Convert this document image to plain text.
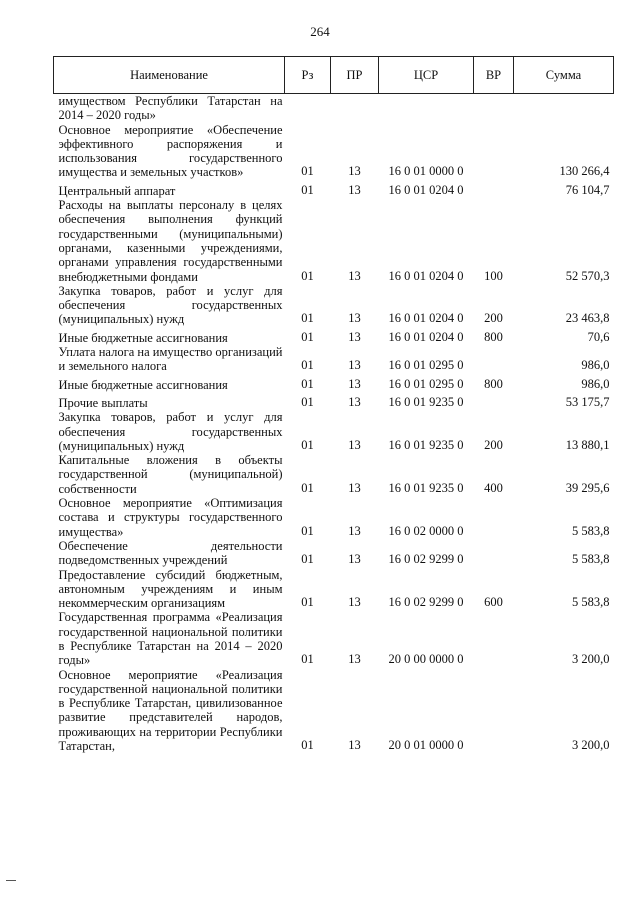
264
Наименование	Рз	ПР	ЦСР	ВР	Сумма
имуществом Республики Татарстан на 2014 – 2020 годы»					
Основное мероприятие «Обеспечение эффективного распоряжения и использования государственного имущества и земельных участков»	01	13	16 0 01 0000 0		130 266,4
Центральный аппарат	01	13	16 0 01 0204 0		76 104,7
Расходы на выплаты персоналу в целях обеспечения выполнения функций государственными (муниципальными) органами, казенными учреждениями, органами управления государственными внебюджетными фондами	01	13	16 0 01 0204 0	100	52 570,3
Закупка товаров, работ и услуг для обеспечения государственных (муниципальных) нужд	01	13	16 0 01 0204 0	200	23 463,8
Иные бюджетные ассигнования	01	13	16 0 01 0204 0	800	70,6
Уплата налога на имущество организаций и земельного налога	01	13	16 0 01 0295 0		986,0
Иные бюджетные ассигнования	01	13	16 0 01 0295 0	800	986,0
Прочие выплаты	01	13	16 0 01 9235 0		53 175,7
Закупка товаров, работ и услуг для обеспечения государственных (муниципальных) нужд	01	13	16 0 01 9235 0	200	13 880,1
Капитальные вложения в объекты государственной (муниципальной) собственности	01	13	16 0 01 9235 0	400	39 295,6
Основное мероприятие «Оптимизация состава и структуры государственного имущества»	01	13	16 0 02 0000 0		5 583,8
Обеспечение деятельности подведомственных учреждений	01	13	16 0 02 9299 0		5 583,8
Предоставление субсидий бюджетным, автономным учреждениям и иным некоммерческим организациям	01	13	16 0 02 9299 0	600	5 583,8
Государственная программа «Реализация государственной национальной политики в Республике Татарстан на 2014 – 2020 годы»	01	13	20 0 00 0000 0		3 200,0
Основное мероприятие «Реализация государственной национальной политики в Республике Татарстан, цивилизованное развитие представителей народов, проживающих на территории Республики Татарстан,	01	13	20 0 01 0000 0		3 200,0
